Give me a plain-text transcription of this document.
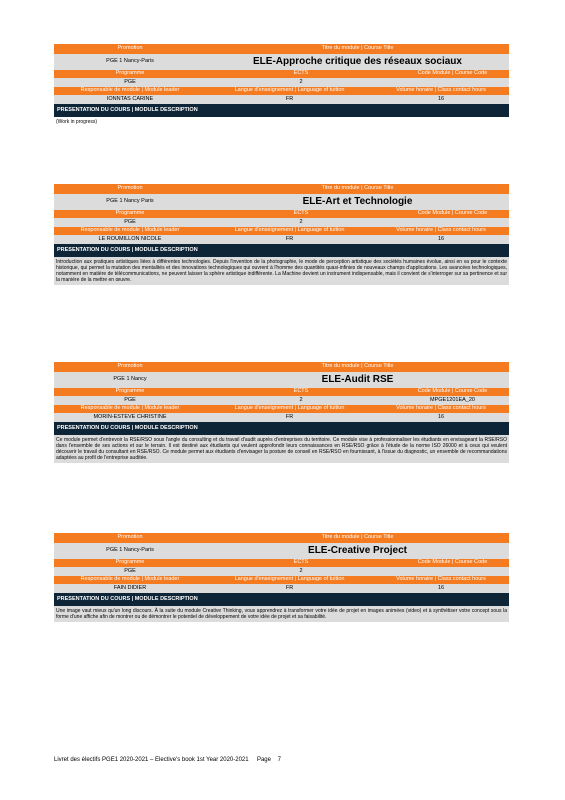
Promotion	Titre du module | Course Title
PGE 1 Nancy-Paris	ELE-Approche critique des réseaux sociaux
Programme	ECTS	Code Module | Course Code
PGE	2
Responsable de module | Module leader	Langue d'enseignement | Language of tuition	Volume horaire | Class contact hours
IONNTAS CARINE	FR	16
PRESENTATION DU COURS | MODULE DESCRIPTION
(Work in progress)
Promotion	Titre du module | Course Title
PGE 1 Nancy Paris	ELE-Art et Technologie
Programme	ECTS	Code Module | Course Code
PGE	2
Responsable de module | Module leader	Langue d'enseignement | Language of tuition	Volume horaire | Class contact hours
LE ROUMILLON NICOLE	FR	16
PRESENTATION DU COURS | MODULE DESCRIPTION
Introduction aux pratiques artistiques liées à différentes technologies. Depuis l'invention de la photographie, le mode de perception artistique des sociétés humaines évolue, ainsi en va pour le contexte historique, qui permet la mutation des mentalités et des innovations technologiques qui ouvrent à l'homme des quantités quasi-infinies de nouveaux champs d'applications. Les avancées technologiques, notamment en matière de télécommunications, ne peuvent laisser la sphère artistique indifférente. La Machine devient un instrument indispensable, mais il convient de s'interroger sur sa pertinence et sur la manière de la mettre en œuvre.
Promotion	Titre du module | Course Title
PGE 1 Nancy	ELE-Audit RSE
Programme	ECTS	Code Module | Course Code
PGE	2	MPGE1201EA_20
Responsable de module | Module leader	Langue d'enseignement | Language of tuition	Volume horaire | Class contact hours
MORIN-ESTEVE CHRISTINE	FR	16
PRESENTATION DU COURS | MODULE DESCRIPTION
Ce module permet d'entrevoir la RSE/RSO sous l'angle du consulting et du travail d'audit auprès d'entreprises du territoire. Ce module vise à professionnaliser les étudiants en envisageant la RSE/RSO dans l'ensemble de ses actions et sur le terrain. Il est destiné aux étudiants qui veulent approfondir leurs connaissances en RSE/RSO grâce à l'étude de la norme ISO 26000 et à ceux qui veulent découvrir le travail du consultant en RSE/RSO. Ce module permet aux étudiants d'envisager la posture de conseil en RSE/RSO en fournissant, à l'issue du diagnostic, un ensemble de recommandations adaptées au profil de l'entreprise auditée.
Promotion	Titre du module | Course Title
PGE 1 Nancy-Paris	ELE-Creative Project
Programme	ECTS	Code Module | Course Code
PGE	2
Responsable de module | Module leader	Langue d'enseignement | Language of tuition	Volume horaire | Class contact hours
FAIN DIDIER	FR	16
PRESENTATION DU COURS | MODULE DESCRIPTION
Une image vaut mieux qu'un long discours. À la suite du module Creative Thinking, vous apprendrez à transformer votre idée de projet en images animées (video) et à synthétiser votre concept sous la forme d'une affiche afin de montrer ou de démontrer le potentiel de développement de votre idée de projet et sa faisabilité.
Livret des électifs PGE1 2020-2021 – Elective's book 1st Year 2020-2021 Page 7
